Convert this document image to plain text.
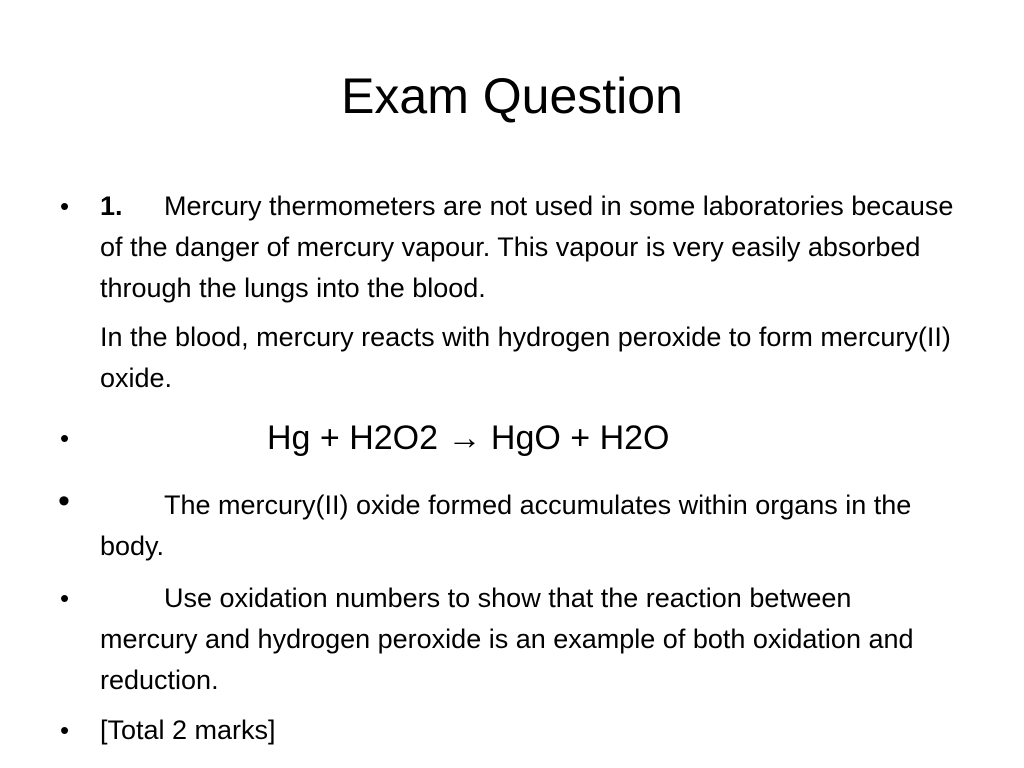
Exam Question
• 1. Mercury thermometers are not used in some laboratories because of the danger of mercury vapour. This vapour is very easily absorbed through the lungs into the blood.
In the blood, mercury reacts with hydrogen peroxide to form mercury(II) oxide.
•	Hg + H2O2 → HgO + H2O
•	The mercury(II) oxide formed accumulates within organs in the body.
•	Use oxidation numbers to show that the reaction between mercury and hydrogen peroxide is an example of both oxidation and reduction.
• [Total 2 marks]
